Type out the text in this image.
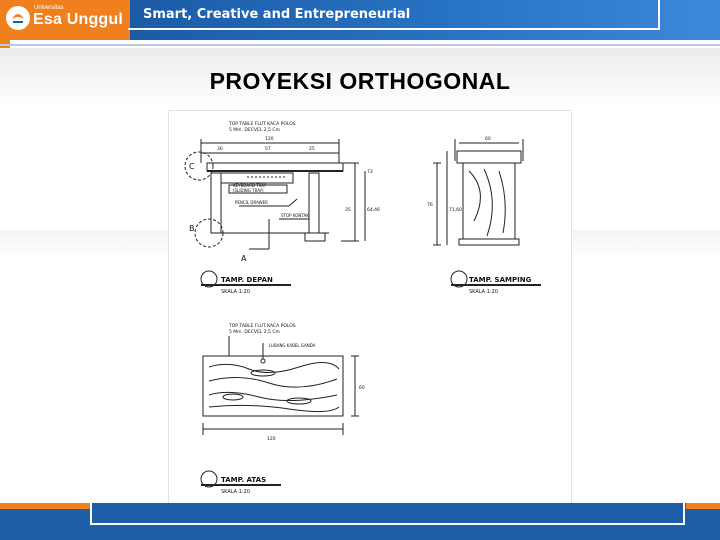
Universitas
Esa Unggul Smart, Creative and Entrepreneurial
PROYEKSI ORTHOGONAL
TOP TABLE FLUT KACA POLOS
5 Mm. DECVEL 2,5 Cm
120
30	57	25
KEYBOARD TRAY
(SLIDING TRAY)
PENCIL DRAWER
STOP KONTAK
C
B
A
73
64,46
35
TAMP. DEPAN
SKALA 1:20
60
76
71,60
TAMP. SAMPING
SKALA 1:20
TOP TABLE FLUT KACA POLOS
5 Mm. DECVEL 2,5 Cm
LUBANG KABEL GANDA
120
60
TAMP. ATAS
SKALA 1:20
